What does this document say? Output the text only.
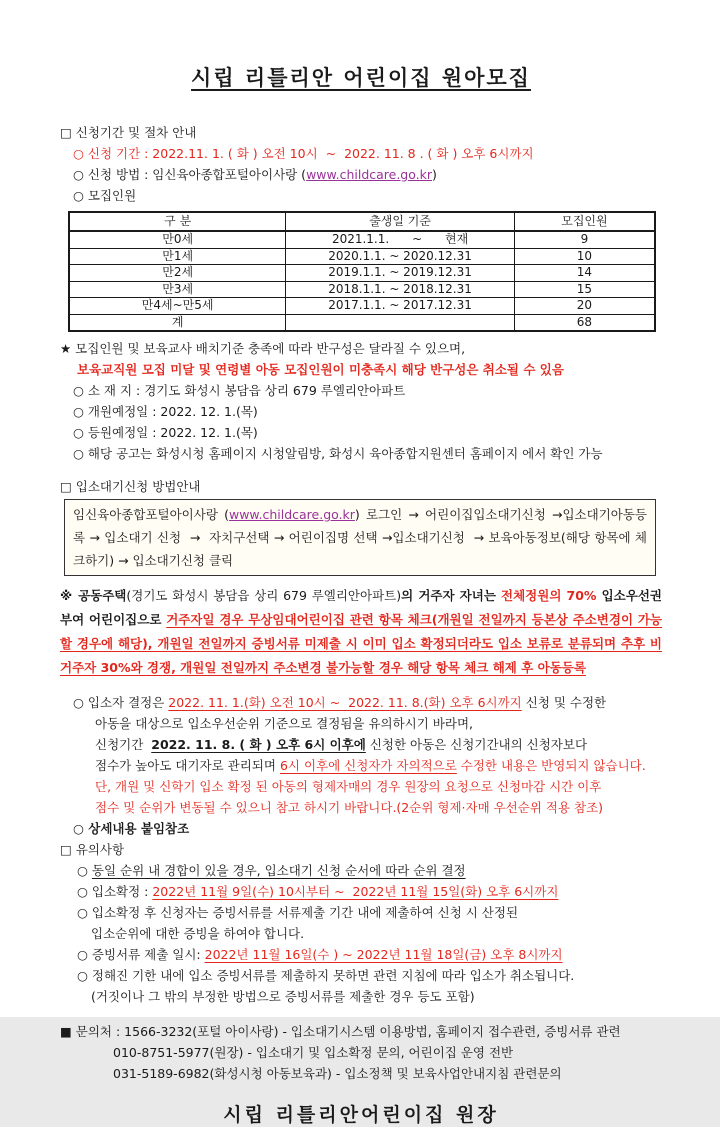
시립 리틀리안 어린이집 원아모집

□ 신청기간 및 절차 안내

○ 신청 기간 : 2022.11. 1. ( 화 ) 오전 10시  ~  2022. 11. 8 . ( 화 ) 오후 6시까지

○ 신청 방법 : 임신육아종합포털아이사랑 (www.childcare.go.kr)

○ 모집인원

구 분	출생일 기준	모집인원
만0세	2021.1.1.      ~      현재	9
만1세	2020.1.1. ~ 2020.12.31	10
만2세	2019.1.1. ~ 2019.12.31	14
만3세	2018.1.1. ~ 2018.12.31	15
만4세~만5세	2017.1.1. ~ 2017.12.31	20
계		68

★ 모집인원 및 보육교사 배치기준 충족에 따라 반구성은 달라질 수 있으며,

보육교직원 모집 미달 및 연령별 아동 모집인원이 미충족시 해당 반구성은 취소될 수 있음

○ 소 재 지 : 경기도 화성시 봉담읍 상리 679 루엘리안아파트

○ 개원예정일 : 2022. 12. 1.(목)

○ 등원예정일 : 2022. 12. 1.(목)

○ 해당 공고는 화성시청 홈페이지 시청알림방, 화성시 육아종합지원센터 홈페이지 에서 확인 가능

□ 입소대기신청 방법안내

임신육아종합포털아이사랑 (www.childcare.go.kr) 로그인 → 어린이집입소대기신청 →입소대기아동등록 → 입소대기 신청  →  자치구선택 → 어린이집명 선택 →입소대기신청  → 보육아동정보(해당 항목에 체크하기) → 입소대기신청 클릭

※ 공동주택(경기도 화성시 봉담읍 상리 679 루엘리안아파트)의 거주자 자녀는 전체정원의 70% 입소우선권 부여 어린이집으로 거주자일 경우 무상임대어린이집 관련 항목 체크(개원일 전일까지 등본상 주소변경이 가능할 경우에 해당), 개원일 전일까지 증빙서류 미제출 시 이미 입소 확정되더라도 입소 보류로 분류되며 추후 비거주자 30%와 경쟁, 개원일 전일까지 주소변경 불가능할 경우 해당 항목 체크 해제 후 아동등록

○ 입소자 결정은 2022. 11. 1.(화) 오전 10시 ~  2022. 11. 8.(화) 오후 6시까지 신청 및 수정한

아동을 대상으로 입소우선순위 기준으로 결정됨을 유의하시기 바라며,

신청기간  2022. 11. 8. ( 화 ) 오후 6시 이후에 신청한 아동은 신청기간내의 신청자보다

점수가 높아도 대기자로 관리되며 6시 이후에 신청자가 자의적으로 수정한 내용은 반영되지 않습니다.

단, 개원 및 신학기 입소 확정 된 아동의 형제자매의 경우 원장의 요청으로 신청마감 시간 이후

점수 및 순위가 변동될 수 있으니 참고 하시기 바랍니다.(2순위 형제·자매 우선순위 적용 참조)

○ 상세내용 붙임참조

□ 유의사항

○ 동일 순위 내 경합이 있을 경우, 입소대기 신청 순서에 따라 순위 결정

○ 입소확정 : 2022년 11월 9일(수) 10시부터 ~  2022년 11월 15일(화) 오후 6시까지

○ 입소확정 후 신청자는 증빙서류를 서류제출 기간 내에 제출하여 신청 시 산정된

입소순위에 대한 증빙을 하여야 합니다.

○ 증빙서류 제출 일시: 2022년 11월 16일(수 ) ~ 2022년 11월 18일(금) 오후 8시까지

○ 정해진 기한 내에 입소 증빙서류를 제출하지 못하면 관련 지침에 따라 입소가 취소됩니다.

(거짓이나 그 밖의 부정한 방법으로 증빙서류를 제출한 경우 등도 포함)

■ 문의처 : 1566-3232(포털 아이사랑) - 입소대기시스템 이용방법, 홈페이지 접수관련, 증빙서류 관련

010-8751-5977(원장) - 입소대기 및 입소확정 문의, 어린이집 운영 전반

031-5189-6982(화성시청 아동보육과) - 입소정책 및 보육사업안내지침 관련문의

시립 리틀리안어린이집 원장
